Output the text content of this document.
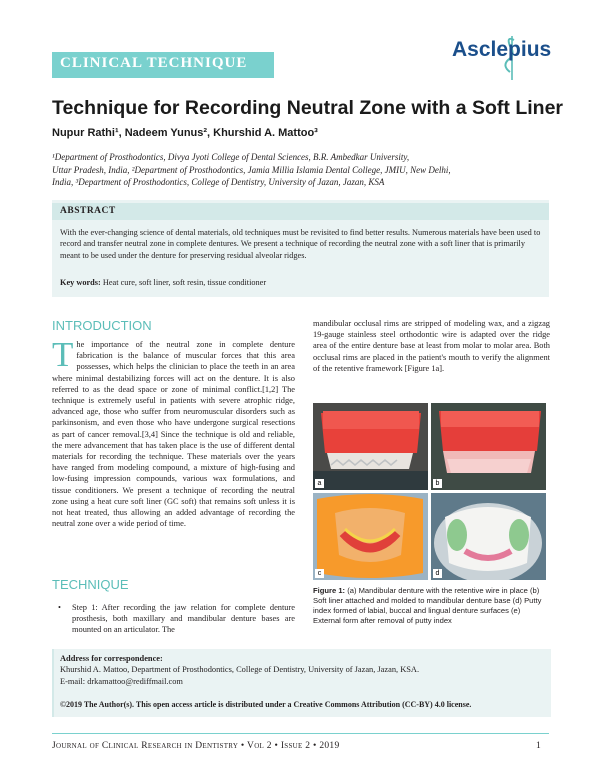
CLINICAL TECHNIQUE
Asclepius
Technique for Recording Neutral Zone with a Soft Liner
Nupur Rathi¹, Nadeem Yunus², Khurshid A. Mattoo³
¹Department of Prosthodontics, Divya Jyoti College of Dental Sciences, B.R. Ambedkar University,
Uttar Pradesh, India, ²Department of Prosthodontics, Jamia Millia Islamia Dental College, JMIU, New Delhi,
India, ³Department of Prosthodontics, College of Dentistry, University of Jazan, Jazan, KSA
ABSTRACT
With the ever-changing science of dental materials, old techniques must be revisited to find better results. Numerous materials have been used to record and transfer neutral zone in complete dentures. We present a technique of recording the neutral zone with a soft liner that is primarily meant to be used under the denture for preserving residual alveolar ridges.
Key words: Heat cure, soft liner, soft resin, tissue conditioner
INTRODUCTION
The importance of the neutral zone in complete denture fabrication is the balance of muscular forces that this area possesses, which helps the clinician to place the teeth in an area where minimal destabilizing forces will act on the denture. It is also referred to as the dead space or zone of minimal conflict.[1,2] The technique is extremely useful in patients with severe atrophic ridge, advanced age, those who suffer from neuromuscular disorders such as parkinsonism, and even those who have undergone surgical resections as part of cancer removal.[3,4] Since the technique is old and reliable, the mere advancement that has taken place is the use of different dental materials for recording the technique. These materials over the years have ranged from modeling compound, a mixture of high-fusing and low-fusing impression compounds, various wax formulations, and tissue conditioners. We present a technique of recording the neutral zone using a heat cure soft liner (GC soft) that remains soft unless it is not heat treated, thus allowing an added advantage of recording the neutral zone over a wide period of time.
TECHNIQUE
• Step 1: After recording the jaw relation for complete denture prosthesis, both maxillary and mandibular denture bases are mounted on an articulator. The
mandibular occlusal rims are stripped of modeling wax, and a zigzag 19-gauge stainless steel orthodontic wire is adapted over the ridge area of the entire denture base at least from molar to molar area. Both occlusal rims are placed in the patient's mouth to verify the alignment of the retentive framework [Figure 1a].
a	b
c	d
Figure 1: (a) Mandibular denture with the retentive wire in place (b) Soft liner attached and molded to mandibular denture base (d) Putty index formed of labial, buccal and lingual denture surfaces (e) External form after removal of putty index
Address for correspondence:
Khurshid A. Mattoo, Department of Prosthodontics, College of Dentistry, University of Jazan, Jazan, KSA.
E-mail: drkamattoo@rediffmail.com
©2019 The Author(s). This open access article is distributed under a Creative Commons Attribution (CC-BY) 4.0 license.
Journal of Clinical Research in Dentistry • Vol 2 • Issue 2 • 2019	1
